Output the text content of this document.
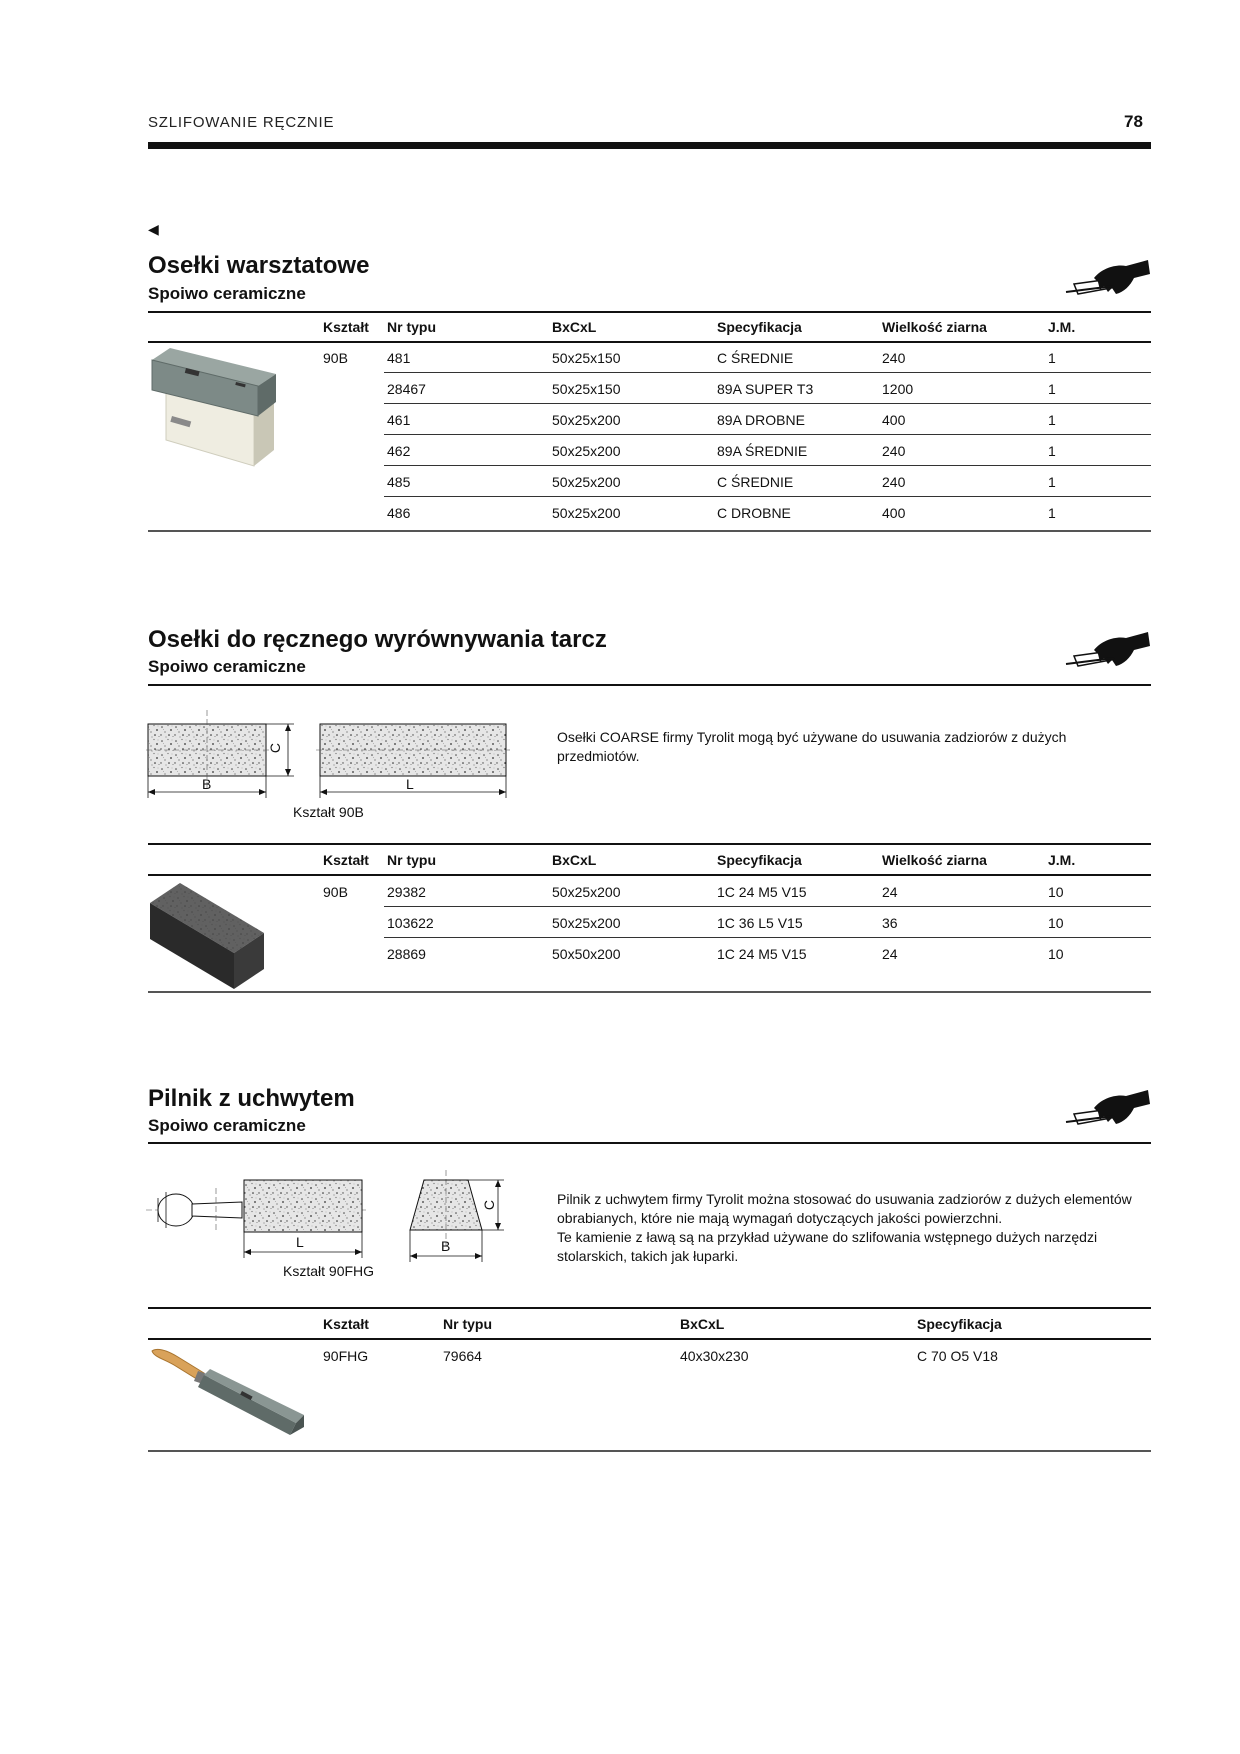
SZLIFOWANIE RĘCZNIE	78
◀
Osełki warsztatowe
Spoiwo ceramiczne
Kształt Nr typu	BxCxL	Specyfikacja	Wielkość ziarna	J.M.
90B	481	50x25x150	C ŚREDNIE	240	1
28467	50x25x150	89A SUPER T3	1200	1
461	50x25x200	89A DROBNE	400	1
462	50x25x200	89A ŚREDNIE	240	1
485	50x25x200	C ŚREDNIE	240	1
486	50x25x200	C DROBNE	400	1
Osełki do ręcznego wyrównywania tarcz
Spoiwo ceramiczne
B
C
L
Kształt 90B

Osełki COARSE firmy Tyrolit mogą być używane do usuwania zadziorów z dużych przedmiotów.

Kształt Nr typu	BxCxL	Specyfikacja	Wielkość ziarna	J.M.
90B	29382	50x25x200	1C 24 M5 V15	24	10
103622	50x25x200	1C 36 L5 V15	36	10
28869	50x50x200	1C 24 M5 V15	24	10
Pilnik z uchwytem
Spoiwo ceramiczne
L	B
C
Kształt 90FHG

Pilnik z uchwytem firmy Tyrolit można stosować do usuwania zadziorów z dużych elementów obrabianych, które nie mają wymagań dotyczących jakości powierzchni.

Te kamienie z ławą są na przykład używane do szlifowania wstępnego dużych narzędzi stolarskich, takich jak łuparki.

Kształt	Nr typu	BxCxL	Specyfikacja
90FHG	79664	40x30x230	C 70 O5 V18
